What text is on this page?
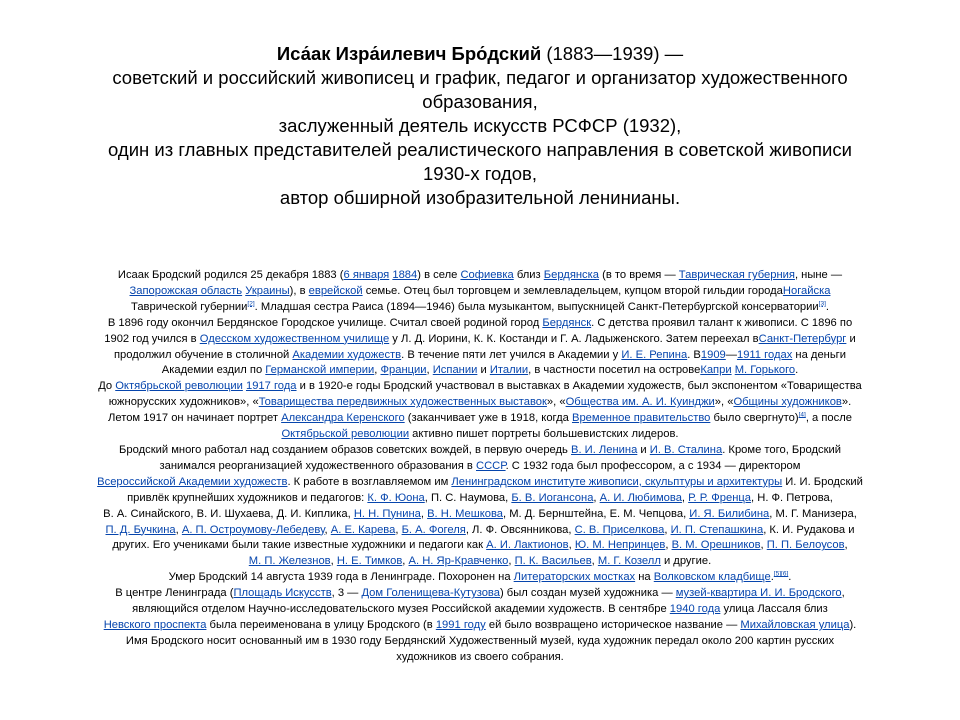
Иса́ак Изра́илевич Бро́дский (1883—1939) —
советский и российский живописец и график, педагог и организатор художественного
образования,
заслуженный деятель искусств РСФСР (1932),
один из главных представителей реалистического направления в советской живописи
1930-х годов,
автор обширной изобразительной ленинианы.
Исаак Бродский родился 25 декабря 1883 (6 января 1884) в селе Софиевка близ Бердянска (в то время — Таврическая губерния, ныне —
Запорожская область Украины), в еврейской семье. Отец был торговцем и землевладельцем, купцом второй гильдии городаНогайска
Таврической губернии[2]. Младшая сестра Раиса (1894—1946) была музыкантом, выпускницей Санкт-Петербургской консерватории[3].
В 1896 году окончил Бердянское Городское училище. Считал своей родиной город Бердянск. С детства проявил талант к живописи. С 1896 по
1902 год учился в Одесском художественном училище у Л. Д. Иорини, К. К. Костанди и Г. А. Ладыженского. Затем переехал вСанкт-Петербург и
продолжил обучение в столичной Академии художеств. В течение пяти лет учился в Академии у И. Е. Репина. В1909—1911 годах на деньги
Академии ездил по Германской империи, Франции, Испании и Италии, в частности посетил на островеКапри М. Горького.
До Октябрьской революции 1917 года и в 1920-е годы Бродский участвовал в выставках в Академии художеств, был экспонентом «Товарищества
южнорусских художников», «Товарищества передвижных художественных выставок», «Общества им. А. И. Куинджи», «Общины художников».
Летом 1917 он начинает портрет Александра Керенского (заканчивает уже в 1918, когда Временное правительство было свергнуто)[4], а после
Октябрьской революции активно пишет портреты большевистских лидеров.
Бродский много работал над созданием образов советских вождей, в первую очередь В. И. Ленина и И. В. Сталина. Кроме того, Бродский
занимался реорганизацией художественного образования в СССР. С 1932 года был профессором, а с 1934 — директором
Всероссийской Академии художеств. К работе в возглавляемом им Ленинградском институте живописи, скульптуры и архитектуры И. И. Бродский
привлёк крупнейших художников и педагогов: К. Ф. Юона, П. С. Наумова, Б. В. Иогансона, А. И. Любимова, Р. Р. Френца, Н. Ф. Петрова,
В. А. Синайского, В. И. Шухаева, Д. И. Киплика, Н. Н. Пунина, В. Н. Мешкова, М. Д. Бернштейна, Е. М. Чепцова, И. Я. Билибина, М. Г. Манизера,
П. Д. Бучкина, А. П. Остроумову-Лебедеву, А. Е. Карева, Б. А. Фогеля, Л. Ф. Овсянникова, С. В. Приселкова, И. П. Степашкина, К. И. Рудакова и
других. Его учениками были такие известные художники и педагоги как А. И. Лактионов, Ю. М. Непринцев, В. М. Орешников, П. П. Белоусов,
М. П. Железнов, Н. Е. Тимков, А. Н. Яр-Кравченко, П. К. Васильев, М. Г. Козелл и другие.
Умер Бродский 14 августа 1939 года в Ленинграде. Похоронен на Литераторских мостках на Волковском кладбище.[5][6].
В центре Ленинграда (Площадь Искусств, 3 — Дом Голенищева-Кутузова) был создан музей художника — музей-квартира И. И. Бродского,
являющийся отделом Научно-исследовательского музея Российской академии художеств. В сентябре 1940 года улица Лассаля близ
Невского проспекта была переименована в улицу Бродского (в 1991 году ей было возвращено историческое название — Михайловская улица).
Имя Бродского носит основанный им в 1930 году Бердянский Художественный музей, куда художник передал около 200 картин русских
художников из своего собрания.
